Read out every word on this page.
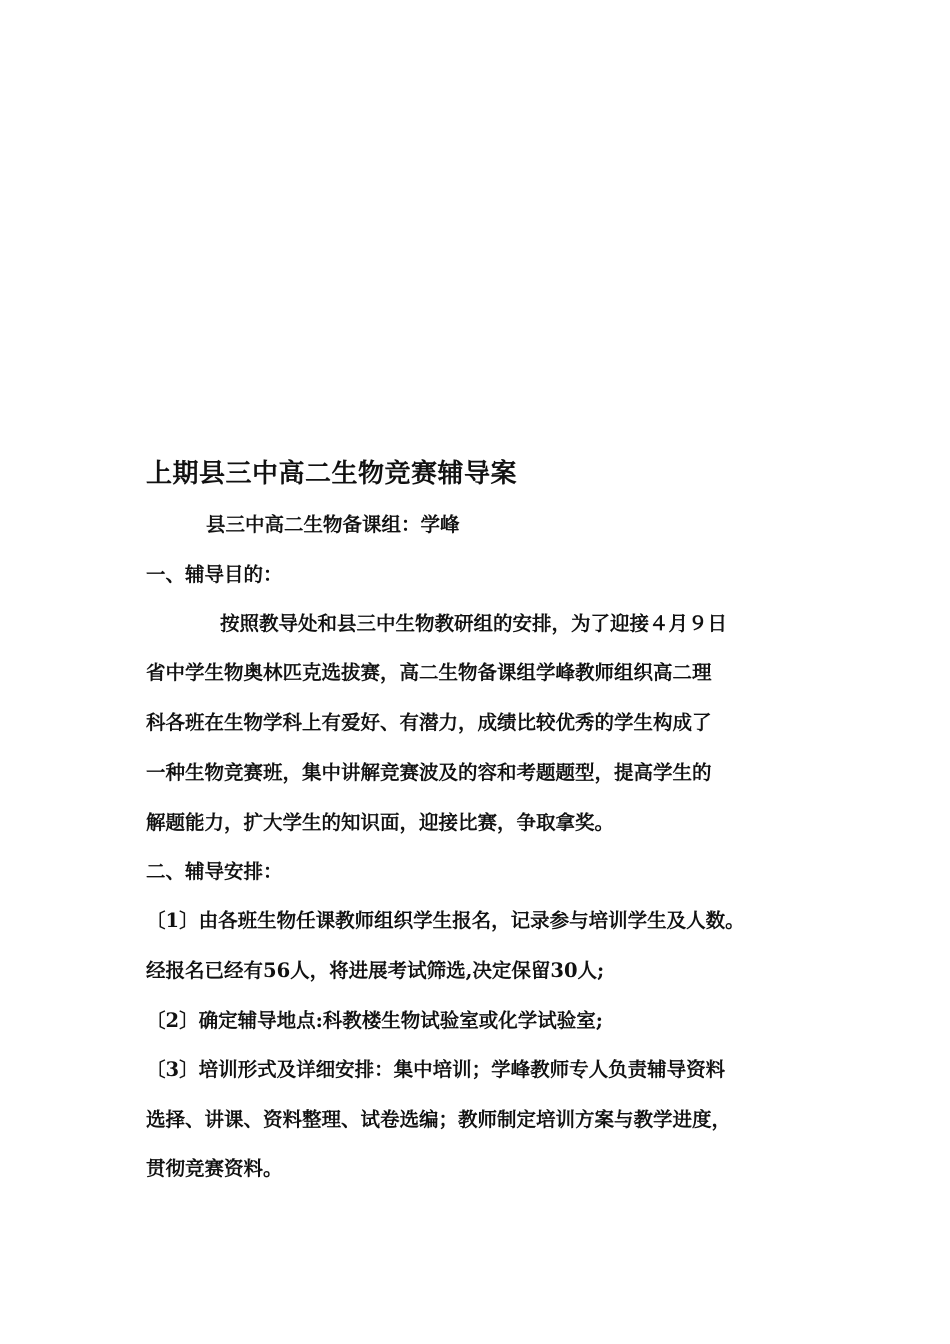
上期县三中高二生物竞赛辅导案
县三中高二生物备课组：学峰
一、辅导目的：
按照教导处和县三中生物教研组的安排，为了迎接４月９日
省中学生物奥林匹克选拔赛，高二生物备课组学峰教师组织高二理
科各班在生物学科上有爱好、有潜力，成绩比较优秀的学生构成了
一种生物竞赛班，集中讲解竞赛波及的容和考题题型，提高学生的
解题能力，扩大学生的知识面，迎接比赛，争取拿奖。
二、辅导安排：
〔1〕由各班生物任课教师组织学生报名，记录参与培训学生及人数。
经报名已经有56人，将进展考试筛选,决定保留30人;
〔2〕确定辅导地点:科教楼生物试验室或化学试验室;
〔3〕培训形式及详细安排：集中培训；学峰教师专人负责辅导资料
选择、讲课、资料整理、试卷选编；教师制定培训方案与教学进度，
贯彻竞赛资料。
